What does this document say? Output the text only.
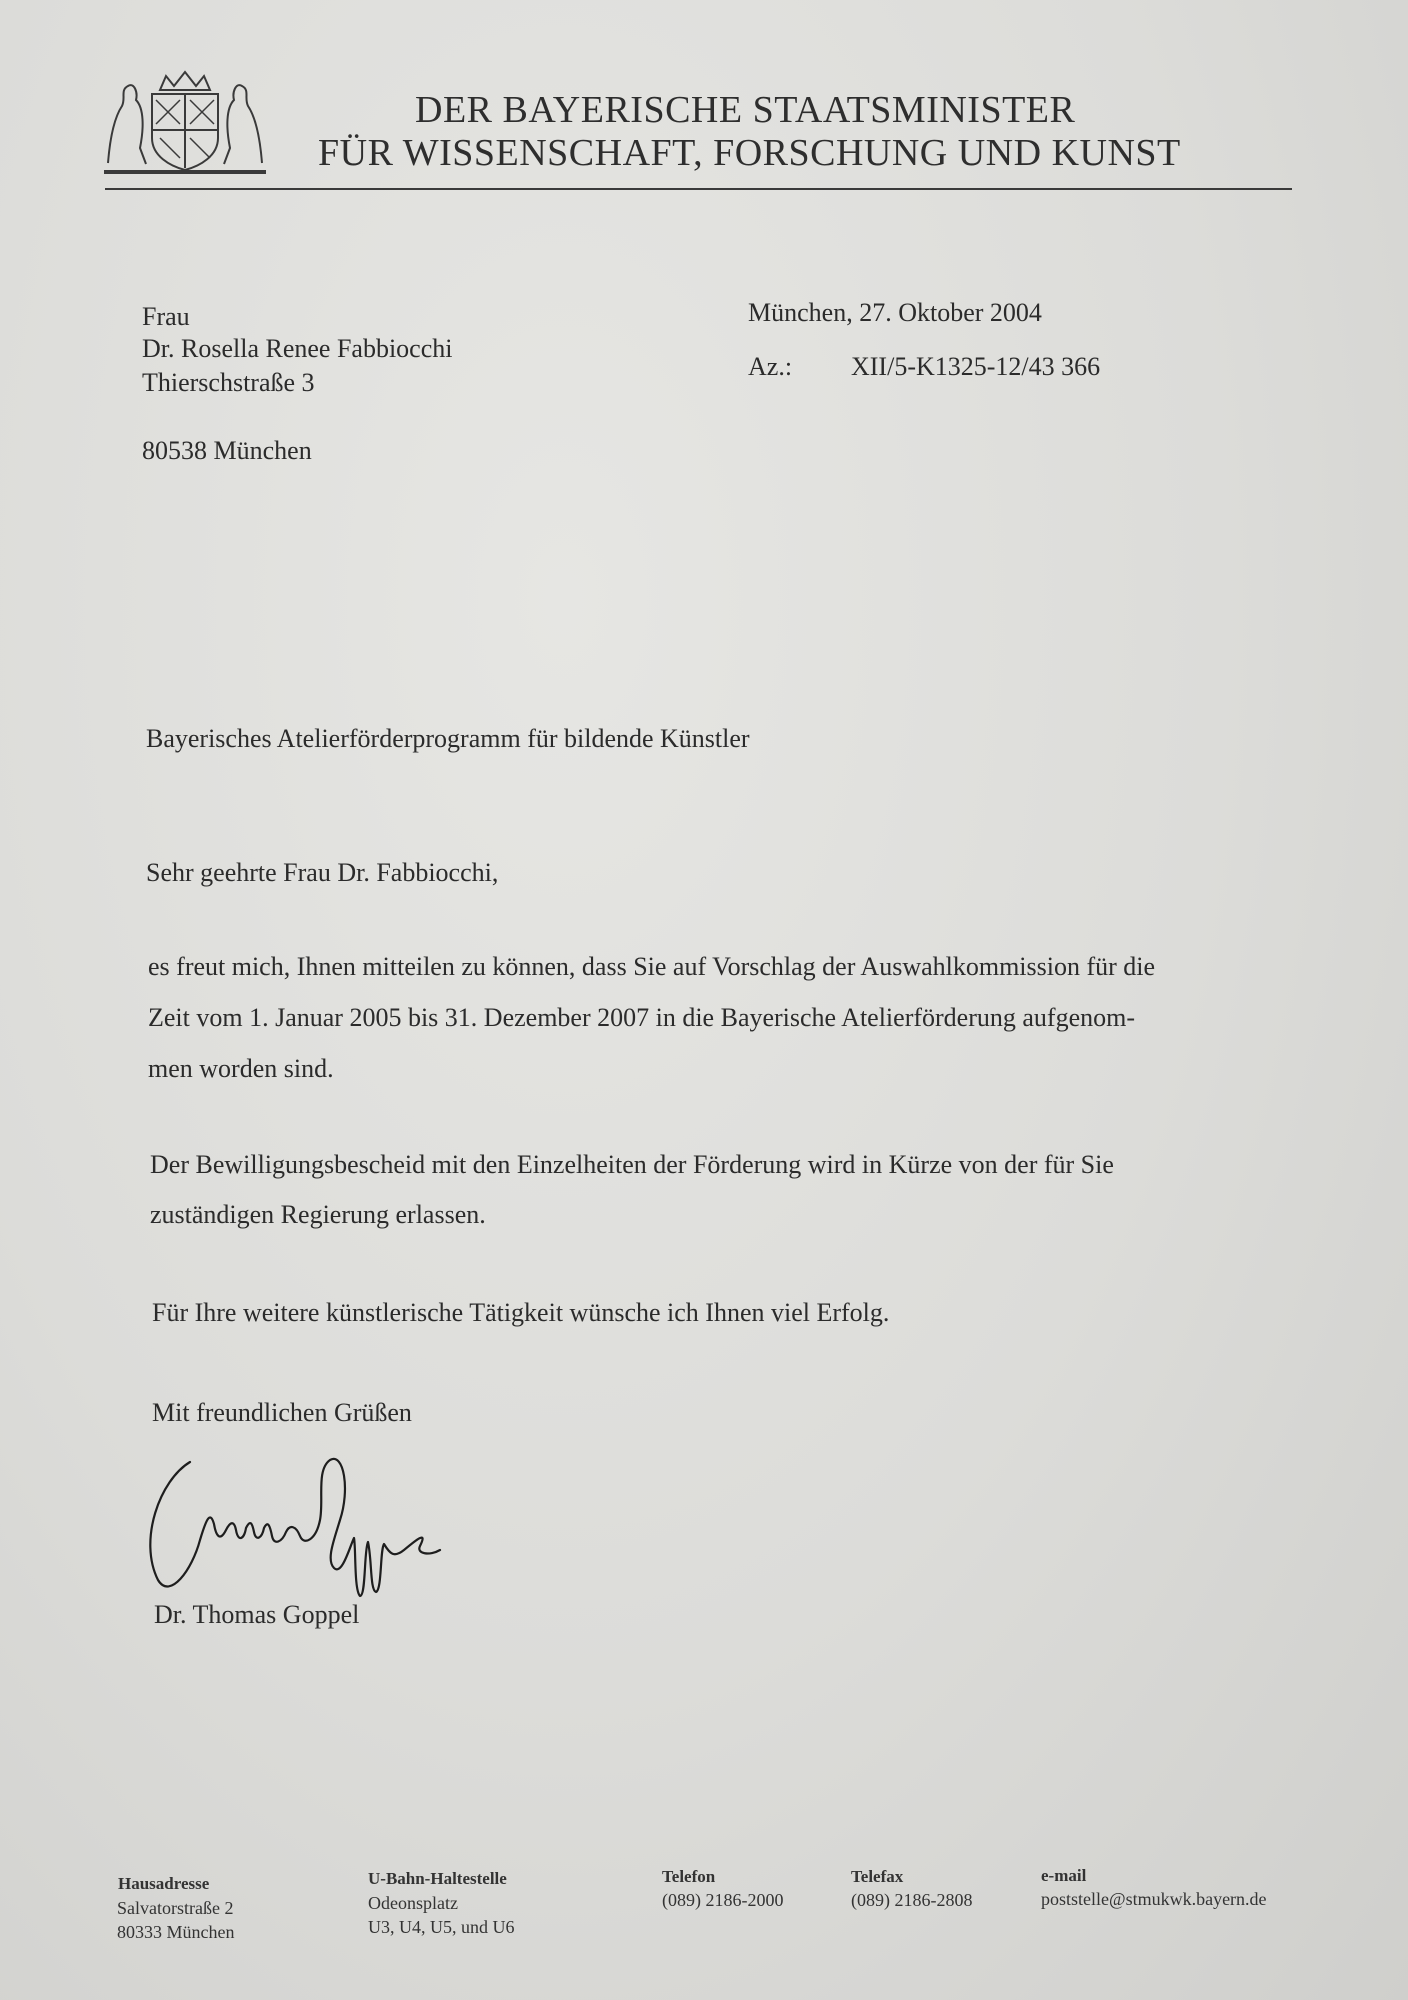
DER BAYERISCHE STAATSMINISTER
FÜR WISSENSCHAFT, FORSCHUNG UND KUNST
Frau
Dr. Rosella Renee Fabbiocchi
Thierschstraße 3
80538 München
München, 27. Oktober 2004
Az.: XII/5-K1325-12/43 366
Bayerisches Atelierförderprogramm für bildende Künstler
Sehr geehrte Frau Dr. Fabbiocchi,
es freut mich, Ihnen mitteilen zu können, dass Sie auf Vorschlag der Auswahlkommission für die
Zeit vom 1. Januar 2005 bis 31. Dezember 2007 in die Bayerische Atelierförderung aufgenom-
men worden sind.
Der Bewilligungsbescheid mit den Einzelheiten der Förderung wird in Kürze von der für Sie
zuständigen Regierung erlassen.
Für Ihre weitere künstlerische Tätigkeit wünsche ich Ihnen viel Erfolg.
Mit freundlichen Grüßen
Dr. Thomas Goppel
Hausadresse
Salvatorstraße 2
80333 München
U-Bahn-Haltestelle
Odeonsplatz
U3, U4, U5, und U6
Telefon
(089) 2186-2000
Telefax
(089) 2186-2808
e-mail
poststelle@stmukwk.bayern.de
